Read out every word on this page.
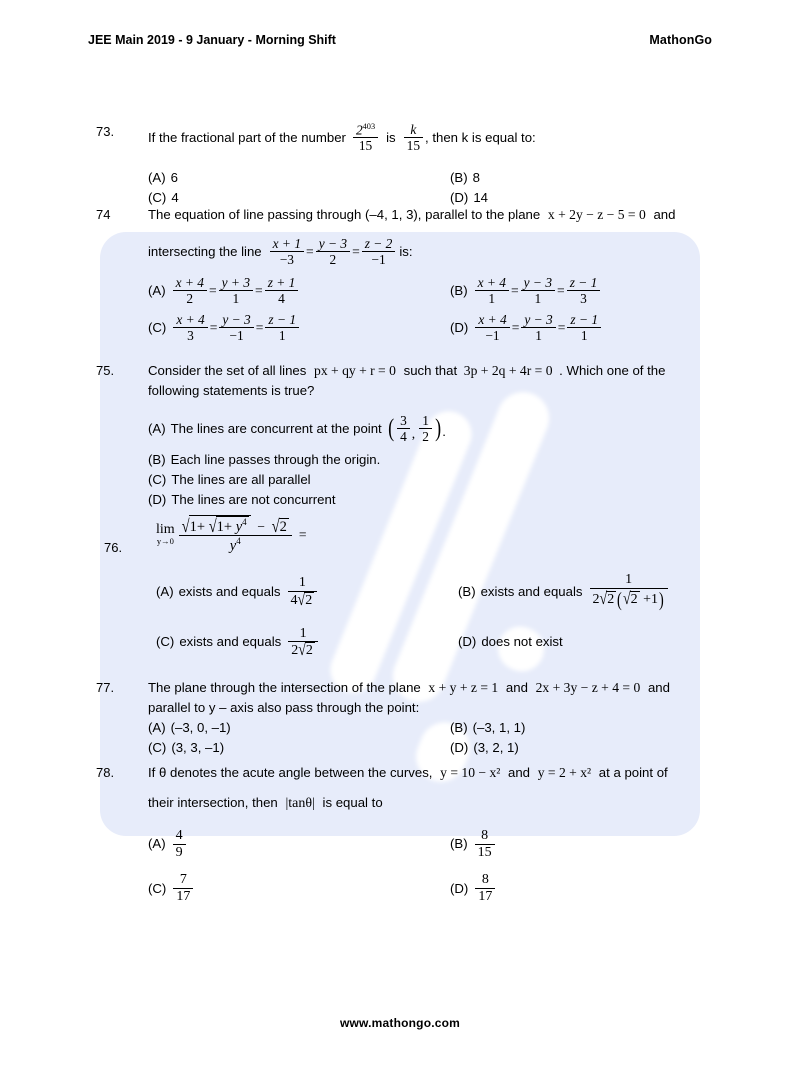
JEE Main 2019 - 9 January - Morning Shift	MathonGo
73.	If the fractional part of the number $\frac{2^{403}}{15}$ is $\frac{k}{15}$ , then k is equal to:
(A) 6	(B) 8
(C) 4	(D) 14
74	The equation of line passing through (–4, 1, 3), parallel to the plane x + 2y − z − 5 = 0 and
intersecting the line $\frac{x + 1}{-3} = \frac{y - 3}{2} = \frac{z - 2}{-1}$ is:
$(A) \frac{x + 4}{2} = \frac{y + 3}{1} = \frac{z + 1}{4}$	$(B) \frac{x + 4}{1} = \frac{y - 3}{1} = \frac{z - 1}{3}$
$(C) \frac{x + 4}{3} = \frac{y - 3}{-1} = \frac{z - 1}{1}$	$(D) \frac{x + 4}{-1} = \frac{y - 3}{1} = \frac{z - 1}{1}$
75.	Consider the set of all lines px + qy + r = 0 such that 3p + 2q + 4r = 0 . Which one of the
following statements is true?
(A) The lines are concurrent at the point ( $\frac{3}{4}$ , $\frac{1}{2}$ ) .
(B) Each line passes through the origin.
(C) The lines are all parallel
(D) The lines are not concurrent
76.
lim
$y\to 0 \frac{√1+ √1+ y^4 - √2}{y^4}$ =
(A) exists and equals $\frac{1}{4√2}$	(B) exists and equals $\frac{1}{2√2 (√2 +1)}$
(C) exists and equals $\frac{1}{2√2}$	(D) does not exist
77.	The plane through the intersection of the plane x + y + z = 1 and 2x + 3y − z + 4 = 0 and
parallel to y – axis also pass through the point:
(A) (–3, 0, –1)	(B) (–3, 1, 1)
(C) (3, 3, –1)	(D) (3, 2, 1)
78.	If θ denotes the acute angle between the curves, y = 10 − x² and y = 2 + x² at a point of
their intersection, then |tanθ| is equal to
$(A) \frac{4}{9}$	$(B) \frac{8}{15}$
$(C) \frac{7}{17}$	$(D) \frac{8}{17}$
www.mathongo.com
